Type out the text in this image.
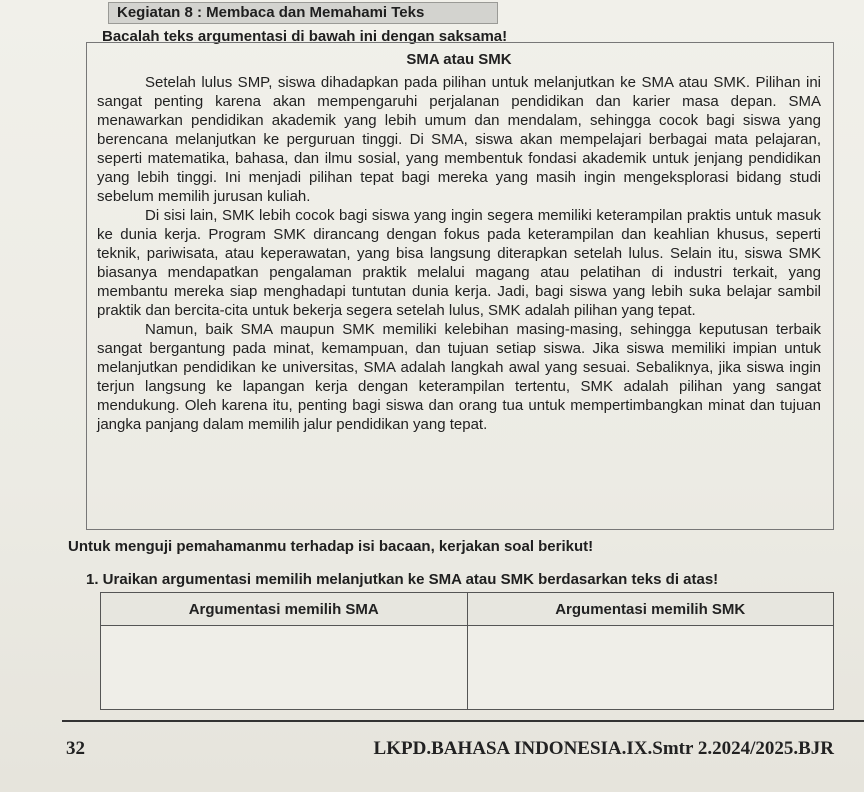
Kegiatan 8 : Membaca dan Memahami Teks
Bacalah teks argumentasi di bawah ini dengan saksama!
SMA atau SMK

Setelah lulus SMP, siswa dihadapkan pada pilihan untuk melanjutkan ke SMA atau SMK. Pilihan ini sangat penting karena akan mempengaruhi perjalanan pendidikan dan karier masa depan. SMA menawarkan pendidikan akademik yang lebih umum dan mendalam, sehingga cocok bagi siswa yang berencana melanjutkan ke perguruan tinggi. Di SMA, siswa akan mempelajari berbagai mata pelajaran, seperti matematika, bahasa, dan ilmu sosial, yang membentuk fondasi akademik untuk jenjang pendidikan yang lebih tinggi. Ini menjadi pilihan tepat bagi mereka yang masih ingin mengeksplorasi bidang studi sebelum memilih jurusan kuliah.

Di sisi lain, SMK lebih cocok bagi siswa yang ingin segera memiliki keterampilan praktis untuk masuk ke dunia kerja. Program SMK dirancang dengan fokus pada keterampilan dan keahlian khusus, seperti teknik, pariwisata, atau keperawatan, yang bisa langsung diterapkan setelah lulus. Selain itu, siswa SMK biasanya mendapatkan pengalaman praktik melalui magang atau pelatihan di industri terkait, yang membantu mereka siap menghadapi tuntutan dunia kerja. Jadi, bagi siswa yang lebih suka belajar sambil praktik dan bercita-cita untuk bekerja segera setelah lulus, SMK adalah pilihan yang tepat.

Namun, baik SMA maupun SMK memiliki kelebihan masing-masing, sehingga keputusan terbaik sangat bergantung pada minat, kemampuan, dan tujuan setiap siswa. Jika siswa memiliki impian untuk melanjutkan pendidikan ke universitas, SMA adalah langkah awal yang sesuai. Sebaliknya, jika siswa ingin terjun langsung ke lapangan kerja dengan keterampilan tertentu, SMK adalah pilihan yang sangat mendukung. Oleh karena itu, penting bagi siswa dan orang tua untuk mempertimbangkan minat dan tujuan jangka panjang dalam memilih jalur pendidikan yang tepat.

Untuk menguji pemahamanmu terhadap isi bacaan, kerjakan soal berikut!
1. Uraikan argumentasi memilih melanjutkan ke SMA atau SMK berdasarkan teks di atas!
Argumentasi memilih SMA	Argumentasi memilih SMK

32	LKPD.BAHASA INDONESIA.IX.Smtr 2.2024/2025.BJR
